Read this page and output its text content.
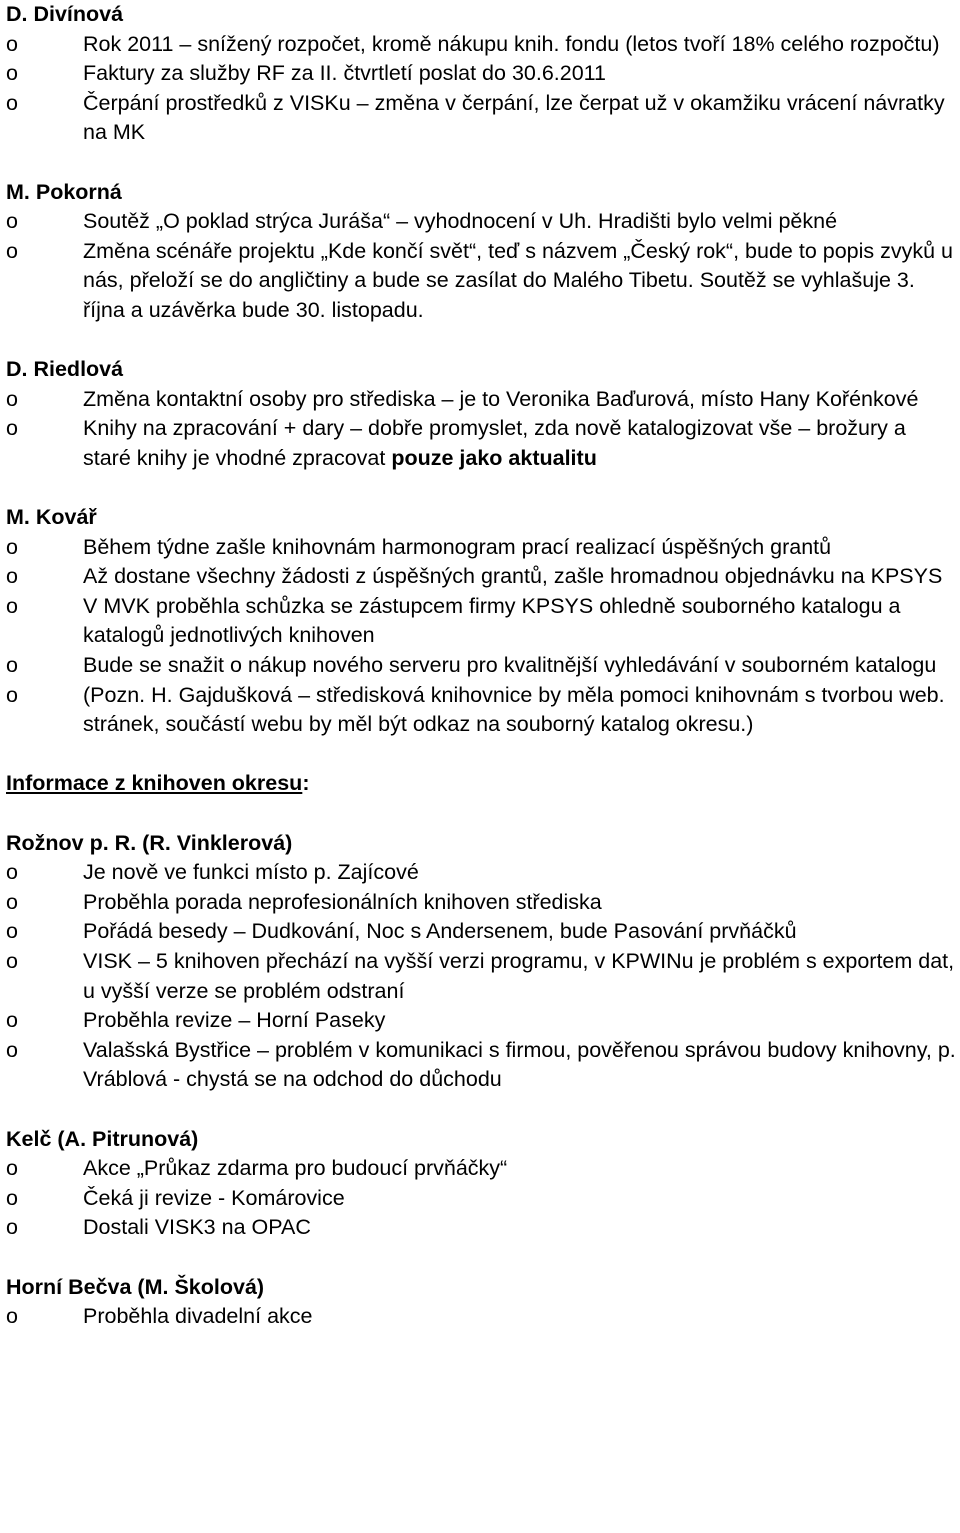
D. Divínová

o	Rok 2011 – snížený rozpočet, kromě nákupu knih. fondu (letos tvoří 18% celého rozpočtu)

o	Faktury za služby RF za II. čtvrtletí poslat do 30.6.2011

o	Čerpání prostředků z VISKu – změna v čerpání, lze čerpat už v okamžiku vrácení návratky na MK

M. Pokorná

o	Soutěž „O poklad strýca Juráša“ – vyhodnocení v Uh. Hradišti bylo velmi pěkné

o	Změna scénáře projektu „Kde končí svět“, teď s názvem „Český rok“, bude to popis zvyků u nás, přeloží se do angličtiny a bude se zasílat do Malého Tibetu. Soutěž se vyhlašuje 3. října a uzávěrka bude 30. listopadu.

D. Riedlová

o	Změna kontaktní osoby pro střediska – je to Veronika Baďurová, místo Hany Kořénkové

o	Knihy na zpracování + dary – dobře promyslet, zda nově katalogizovat vše – brožury a staré knihy je vhodné zpracovat pouze jako aktualitu

M. Kovář

o	Během týdne zašle knihovnám harmonogram prací realizací úspěšných grantů

o	Až dostane všechny žádosti z úspěšných grantů, zašle hromadnou objednávku na KPSYS

o	V MVK proběhla schůzka se zástupcem firmy KPSYS ohledně souborného katalogu a katalogů jednotlivých knihoven

o	Bude se snažit o nákup nového serveru pro kvalitnější vyhledávání v souborném katalogu

o	(Pozn. H. Gajdušková – středisková knihovnice by měla pomoci knihovnám s tvorbou web. stránek, součástí webu by měl být odkaz na souborný katalog okresu.)

Informace z knihoven okresu:

Rožnov p. R. (R. Vinklerová)

o	Je nově ve funkci místo p. Zajícové

o	Proběhla porada neprofesionálních knihoven střediska

o	Pořádá besedy – Dudkování, Noc s Andersenem, bude Pasování prvňáčků

o	VISK – 5 knihoven přechází na vyšší verzi programu, v KPWINu je problém s exportem dat, u vyšší verze se problém odstraní

o	Proběhla revize – Horní Paseky

o	Valašská Bystřice – problém v komunikaci s firmou, pověřenou správou budovy knihovny, p. Vráblová - chystá se na odchod do důchodu

Kelč (A. Pitrunová)

o	Akce „Průkaz zdarma pro budoucí prvňáčky“

o	Čeká ji revize - Komárovice

o	Dostali VISK3 na OPAC

Horní Bečva (M. Školová)

o	Proběhla divadelní akce
